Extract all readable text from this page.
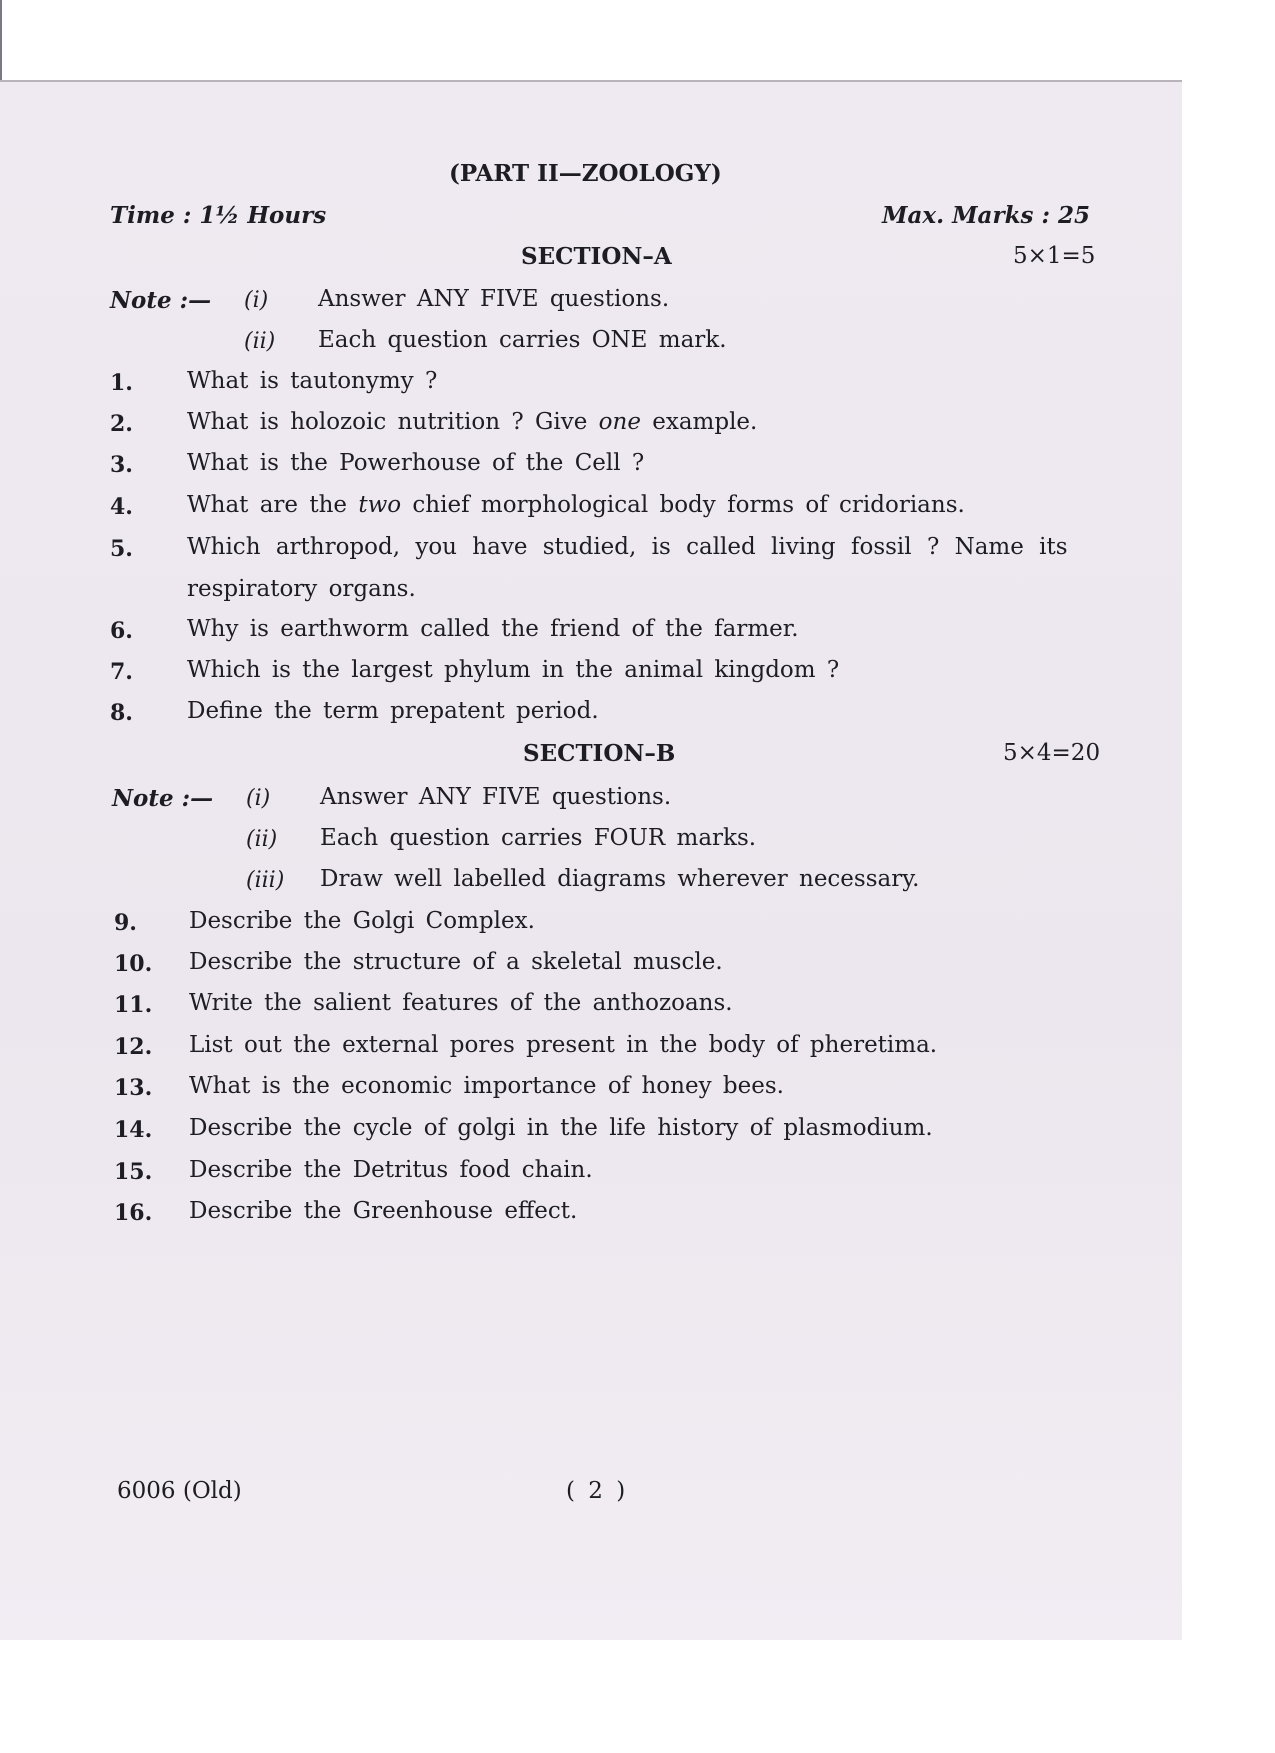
(PART II—ZOOLOGY)
Time : 1½ Hours	Max. Marks : 25
SECTION–A	5×1=5
Note :— (i) Answer ANY FIVE questions.
(ii) Each question carries ONE mark.
1. What is tautonymy ?
2. What is holozoic nutrition ? Give one example.
3. What is the Powerhouse of the Cell ?
4. What are the two chief morphological body forms of cridorians.
5. Which arthropod, you have studied, is called living fossil ? Name its
respiratory organs.
6. Why is earthworm called the friend of the farmer.
7. Which is the largest phylum in the animal kingdom ?
8. Define the term prepatent period.
SECTION–B	5×4=20
Note :— (i) Answer ANY FIVE questions.
(ii) Each question carries FOUR marks.
(iii) Draw well labelled diagrams wherever necessary.
9. Describe the Golgi Complex.
10. Describe the structure of a skeletal muscle.
11. Write the salient features of the anthozoans.
12. List out the external pores present in the body of pheretima.
13. What is the economic importance of honey bees.
14. Describe the cycle of golgi in the life history of plasmodium.
15. Describe the Detritus food chain.
16. Describe the Greenhouse effect.
6006 (Old)	( 2 )
